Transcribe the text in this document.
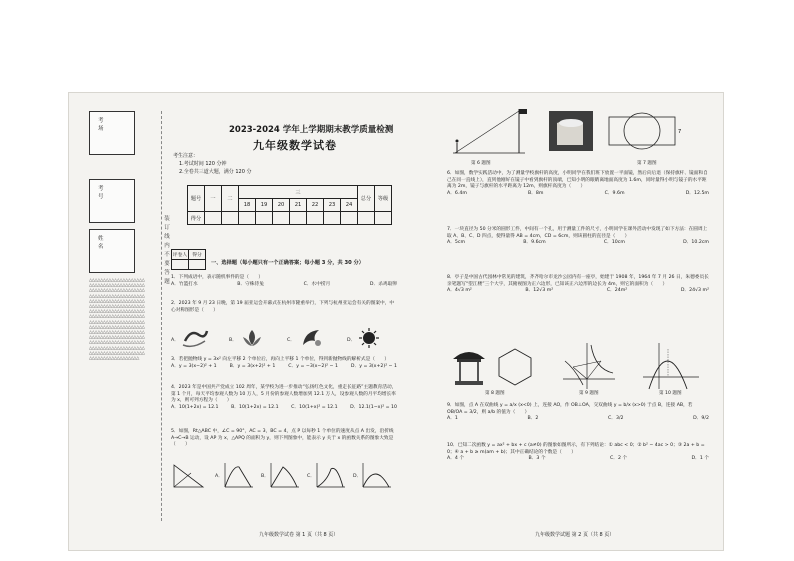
考 场
考 号
姓 名
△△△△△△△△△△△△△△△△△△△△△△△△△△△△△△△△△△△△△△△△△△△△△△△△△△△△△△△△△△△△△△△△△△△△△△△△△△△△△△△△△△△△△△△△△△△△△△△△△△△△△△△△△△△△△△△△△△△△△△△△△△△△△△△△△△△△△△△△△△△△△△△△△△△△△△△△△△△△△△△△△△△△△△△△△△△△△△△△△△△△△△△△△△△△△△△△△△△△△△△△△△△△△△△△△△△△△△△△△△△△△△△△△△△△△△△△△△△△△△△△△△△△△△△△△△△△△△△△△△△△△△△△△△△△△△△△△△△△△△△△△△△△△△△△△△△△△△△△△△△△△△△△△△△△△△△△△△△△△△
装 订 线 内 不 要 答 题
2023-2024 学年上学期期末教学质量检测
九年级数学试卷
考生注意：
1.考试时间 120 分钟
2.全卷共三道大题，满分 120 分
题号	一	二	三							总分	等级
			18	19	20	21	22	23	24		
得分											
评卷人	得分

一、选择题（每小题只有一个正确答案；每小题 3 分，共 30 分）
1．下列成语中，表示随机事件的是（　　）
A．竹篮打水	B．守株待兔	C．水中捞月	D．杀鸡取卵
2．2023 年 9 月 23 日晚，第 19 届亚运会开幕式在杭州市隆重举行，下列与杭州亚运会有关的图案中，中心对称图形是（　　）
A．	B．	C．	D．
3．若把抛物线 y = 3x² 向左平移 2 个单位后，再向上平移 1 个单位，得到新抛物线的解析式是（　　）
A．y = 3(x−2)² + 1	B．y = 3(x+2)² + 1	C．y = −3(x−2)² − 1	D．y = 3(x+2)² − 1
4．2023 年是中国共产党成立 102 周年，某学校为进一步推动“弘扬红色文化，重走长征路”主题教育活动，第 1 个月，每天平均参观人数为 10 万人，5 月份的参观人数增加到 12.1 万人，设参观人数的月平均增长率为 x，则可列方程为（　　）
A．10(1+2x) = 12.1	B．10(1+2x) = 12.1	C．10(1+x)² = 12.1	D．12.1(1−x)² = 10
5．如图，Rt△ABC 中，∠C = 90°，AC = 3，BC = 4，点 P 以每秒 1 个单位的速度从点 A 出发，沿折线 A→C→B 运动，设 AP 为 x，△APQ 的面积为 y，则下列图象中，能表示 y 关于 x 的函数关系的图象大致是（　　）
A．	B．	C．	D．
九年级数学试卷 第 1 页（共 8 页）
第 6 题图
7
第 7 题图
6．如图，数学实践活动中，为了测量学校旗杆的高度，小明同学在我们班下放置一平面镜，然后向后退（保持旗杆、镜面和自己在同一直线上），直到他刚好在镜子中看到旗杆的顶端，已知小明的眼睛离地面高度为 1.6m，同时量得小明与镜子的水平距离为 2m，镜子与旗杆的水平距离为 12m，则旗杆高度为（　　）
A．6.4m	B．8m	C．9.6m	D．12.5m
7．一块直径为 50 分米的圆形工件，中间有一个孔，用于测量工件的尺寸，小明同学在课外活动中发现了如下方法：在圆周上取 A、B、C、D 四点，使得量得 AB = 4cm，CD = 6cm，则该圆柱的直径是（　　）
A．5cm	B．9.6cm	C．10cm	D．10.2cm
8．亭子是中国古代园林中常见的建筑，齐齐哈尔市龙沙公园内有一座亭，始建于 1908 年，1964 年 7 月 26 日，朱德委员长亲笔题写“望江楼”三个大字，其俯视图为正六边形，已知该正六边形的边长为 4m，则它的面积为（　　）
A．4√3 m²	B．12√3 m²	C．24m²	D．24√3 m²
第 8 题图	第 9 题图	第 10 题图
9．如图，点 A 在双曲线 y = a/x (x<0) 上，连接 AO，作 OB⊥OA，交双曲线 y = b/x (x>0) 于点 B，连接 AB，若 OB/OA = 3/2，则 a/b 的值为（　　）
A．1	B．2	C．3/2	D．9/2
10．已知二次函数 y = ax² + bx + c (a≠0) 的图象如图所示，有下列结论：① abc < 0；② b² − 4ac > 0；③ 2a + b = 0；④ a + b ≥ m(am + b)；其中正确结论的个数是（　　）
A．4 个	B．3 个	C．2 个	D．1 个
九年级数学试题 第 2 页（共 8 页）
